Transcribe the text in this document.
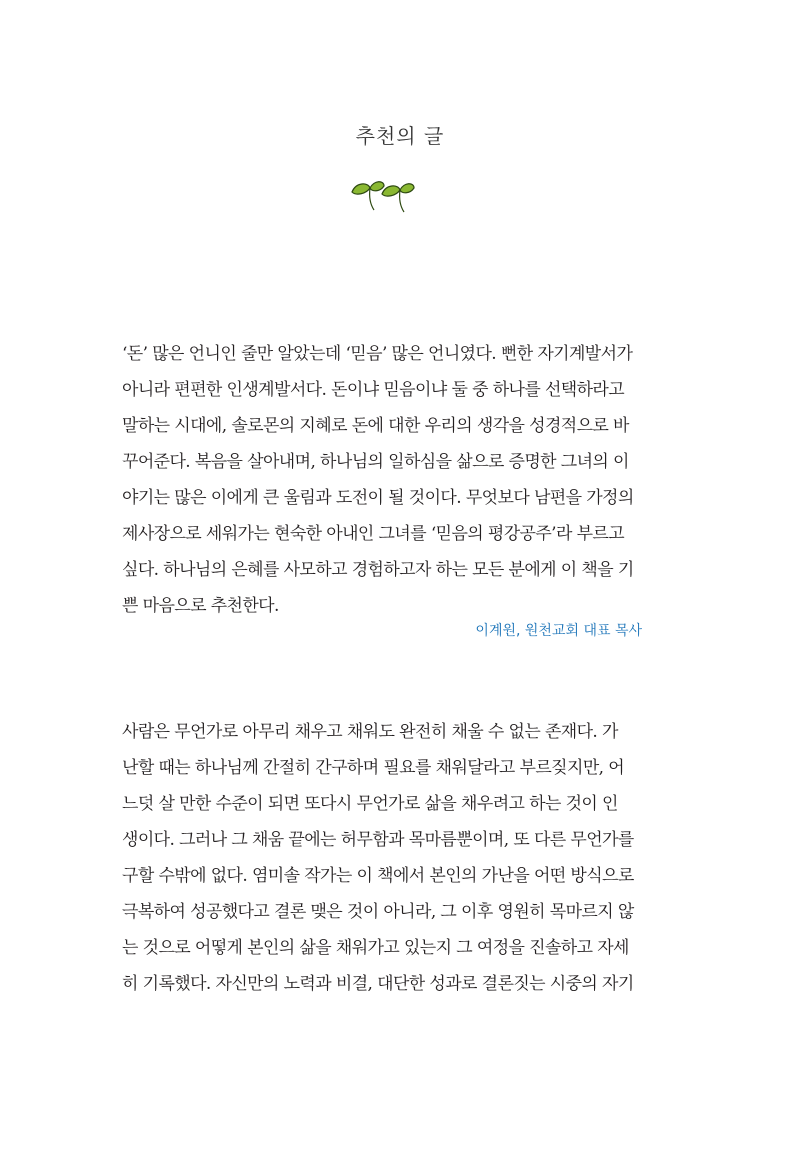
추천의 글
‘돈’ 많은 언니인 줄만 알았는데 ‘믿음’ 많은 언니였다. 뻔한 자기계발서가
아니라 편편한 인생계발서다. 돈이냐 믿음이냐 둘 중 하나를 선택하라고
말하는 시대에, 솔로몬의 지혜로 돈에 대한 우리의 생각을 성경적으로 바
꾸어준다. 복음을 살아내며, 하나님의 일하심을 삶으로 증명한 그녀의 이
야기는 많은 이에게 큰 울림과 도전이 될 것이다. 무엇보다 남편을 가정의
제사장으로 세워가는 현숙한 아내인 그녀를 ‘믿음의 평강공주’라 부르고
싶다. 하나님의 은혜를 사모하고 경험하고자 하는 모든 분에게 이 책을 기
쁜 마음으로 추천한다.
이계원, 원천교회 대표 목사
사람은 무언가로 아무리 채우고 채워도 완전히 채울 수 없는 존재다. 가
난할 때는 하나님께 간절히 간구하며 필요를 채워달라고 부르짖지만, 어
느덧 살 만한 수준이 되면 또다시 무언가로 삶을 채우려고 하는 것이 인
생이다. 그러나 그 채움 끝에는 허무함과 목마름뿐이며, 또 다른 무언가를
구할 수밖에 없다. 염미솔 작가는 이 책에서 본인의 가난을 어떤 방식으로
극복하여 성공했다고 결론 맺은 것이 아니라, 그 이후 영원히 목마르지 않
는 것으로 어떻게 본인의 삶을 채워가고 있는지 그 여정을 진솔하고 자세
히 기록했다. 자신만의 노력과 비결, 대단한 성과로 결론짓는 시중의 자기
